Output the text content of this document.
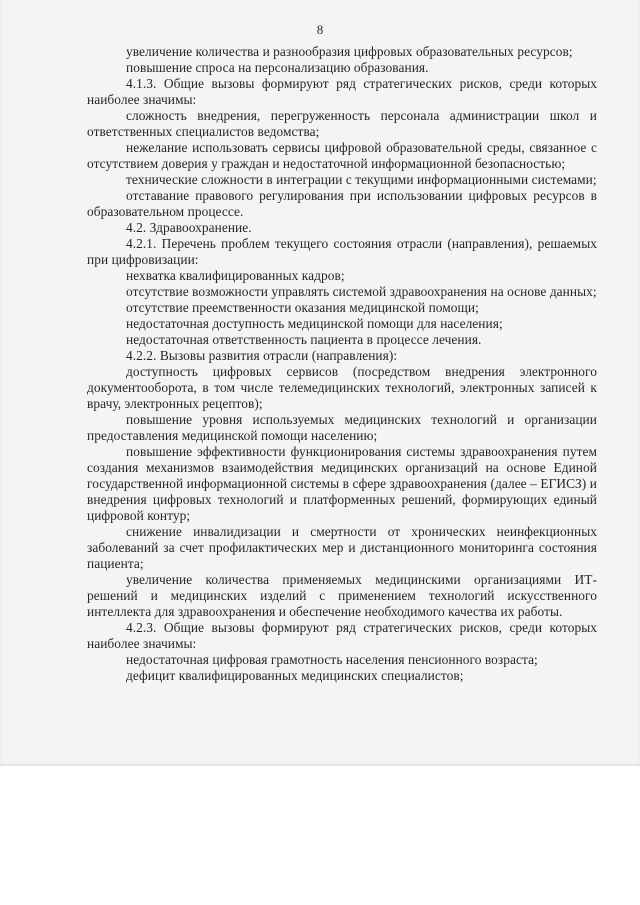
8

увеличение количества и разнообразия цифровых образовательных ресурсов;

повышение спроса на персонализацию образования.

4.1.3. Общие вызовы формируют ряд стратегических рисков, среди которых наиболее значимы:

сложность внедрения, перегруженность персонала администрации школ и ответственных специалистов ведомства;

нежелание использовать сервисы цифровой образовательной среды, связанное с отсутствием доверия у граждан и недостаточной информационной безопасностью;

технические сложности в интеграции с текущими информационными системами;

отставание правового регулирования при использовании цифровых ресурсов в образовательном процессе.

4.2. Здравоохранение.

4.2.1. Перечень проблем текущего состояния отрасли (направления), решаемых при цифровизации:

нехватка квалифицированных кадров;

отсутствие возможности управлять системой здравоохранения на основе данных;

отсутствие преемственности оказания медицинской помощи;

недостаточная доступность медицинской помощи для населения;

недостаточная ответственность пациента в процессе лечения.

4.2.2. Вызовы развития отрасли (направления):

доступность цифровых сервисов (посредством внедрения электронного документооборота, в том числе телемедицинских технологий, электронных записей к врачу, электронных рецептов);

повышение уровня используемых медицинских технологий и организации предоставления медицинской помощи населению;

повышение эффективности функционирования системы здравоохранения путем создания механизмов взаимодействия медицинских организаций на основе Единой государственной информационной системы в сфере здравоохранения (далее – ЕГИСЗ) и внедрения цифровых технологий и платформенных решений, формирующих единый цифровой контур;

снижение инвалидизации и смертности от хронических неинфекционных заболеваний за счет профилактических мер и дистанционного мониторинга состояния пациента;

увеличение количества применяемых медицинскими организациями ИТ-решений и медицинских изделий с применением технологий искусственного интеллекта для здравоохранения и обеспечение необходимого качества их работы.

4.2.3. Общие вызовы формируют ряд стратегических рисков, среди которых наиболее значимы:

недостаточная цифровая грамотность населения пенсионного возраста;

дефицит квалифицированных медицинских специалистов;
